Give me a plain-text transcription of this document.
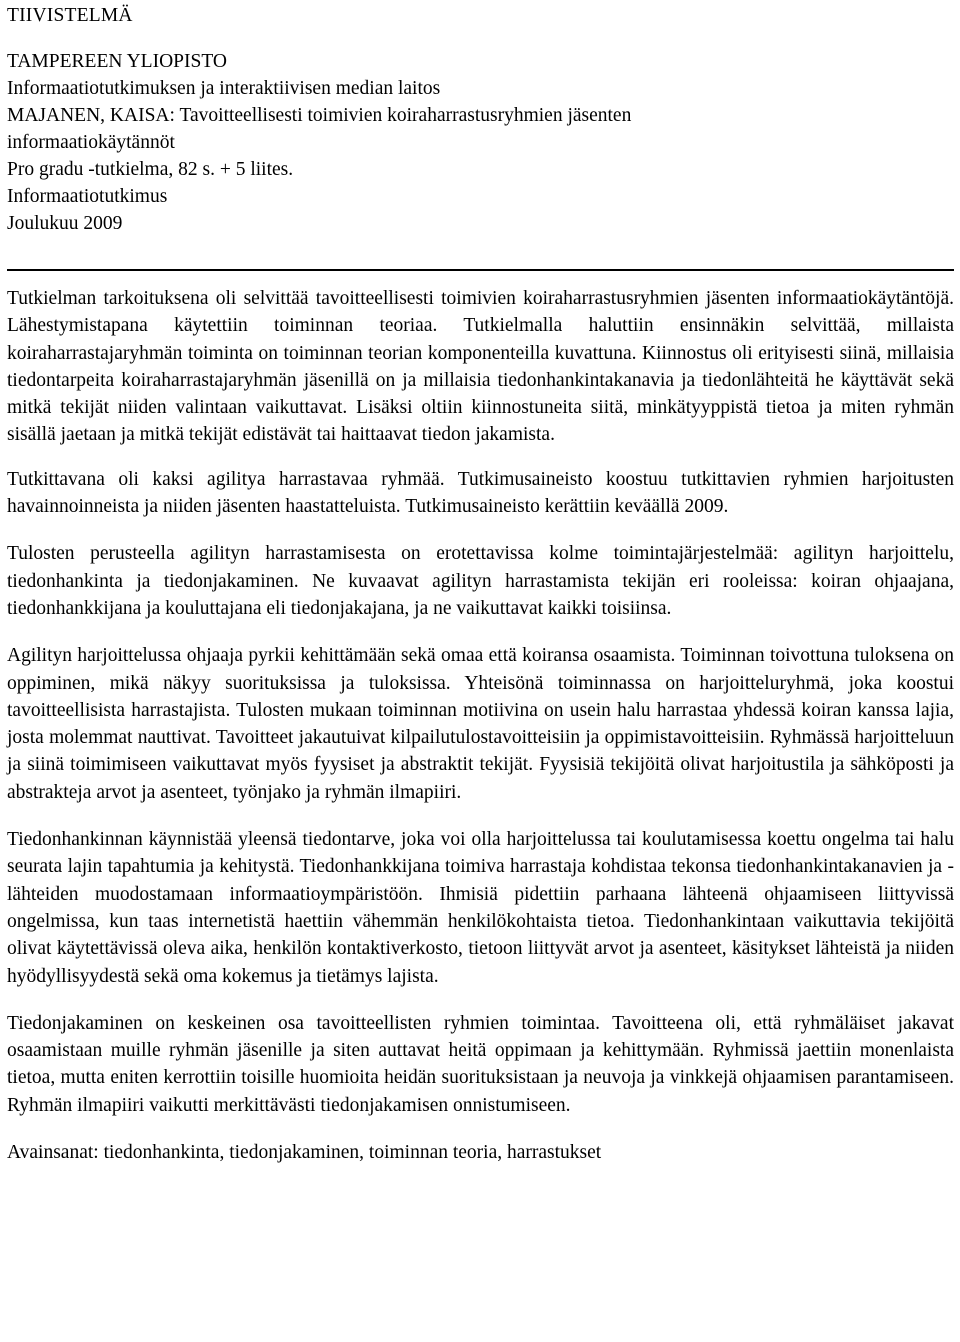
TIIVISTELMÄ
TAMPEREEN YLIOPISTO
Informaatiotutkimuksen ja interaktiivisen median laitos
MAJANEN, KAISA: Tavoitteellisesti toimivien koiraharrastusryhmien jäsenten
informaatiokäytännöt
Pro gradu -tutkielma, 82 s. + 5 liites.
Informaatiotutkimus
Joulukuu 2009

Tutkielman tarkoituksena oli selvittää tavoitteellisesti toimivien koiraharrastusryhmien jäsenten informaatiokäytäntöjä. Lähestymistapana käytettiin toiminnan teoriaa. Tutkielmalla haluttiin ensinnäkin selvittää, millaista koiraharrastajaryhmän toiminta on toiminnan teorian komponenteilla kuvattuna. Kiinnostus oli erityisesti siinä, millaisia tiedontarpeita koiraharrastajaryhmän jäsenillä on ja millaisia tiedonhankintakanavia ja tiedonlähteitä he käyttävät sekä mitkä tekijät niiden valintaan vaikuttavat. Lisäksi oltiin kiinnostuneita siitä, minkätyyppistä tietoa ja miten ryhmän sisällä jaetaan ja mitkä tekijät edistävät tai haittaavat tiedon jakamista.

Tutkittavana oli kaksi agilitya harrastavaa ryhmää. Tutkimusaineisto koostuu tutkittavien ryhmien harjoitusten havainnoinneista ja niiden jäsenten haastatteluista. Tutkimusaineisto kerättiin keväällä 2009.

Tulosten perusteella agilityn harrastamisesta on erotettavissa kolme toimintajärjestelmää: agilityn harjoittelu, tiedonhankinta ja tiedonjakaminen. Ne kuvaavat agilityn harrastamista tekijän eri rooleissa: koiran ohjaajana, tiedonhankkijana ja kouluttajana eli tiedonjakajana, ja ne vaikuttavat kaikki toisiinsa.

Agilityn harjoittelussa ohjaaja pyrkii kehittämään sekä omaa että koiransa osaamista. Toiminnan toivottuna tuloksena on oppiminen, mikä näkyy suorituksissa ja tuloksissa. Yhteisönä toiminnassa on harjoitteluryhmä, joka koostui tavoitteellisista harrastajista. Tulosten mukaan toiminnan motiivina on usein halu harrastaa yhdessä koiran kanssa lajia, josta molemmat nauttivat. Tavoitteet jakautuivat kilpailutulostavoitteisiin ja oppimistavoitteisiin. Ryhmässä harjoitteluun ja siinä toimimiseen vaikuttavat myös fyysiset ja abstraktit tekijät. Fyysisiä tekijöitä olivat harjoitustila ja sähköposti ja abstrakteja arvot ja asenteet, työnjako ja ryhmän ilmapiiri.

Tiedonhankinnan käynnistää yleensä tiedontarve, joka voi olla harjoittelussa tai koulutamisessa koettu ongelma tai halu seurata lajin tapahtumia ja kehitystä. Tiedonhankkijana toimiva harrastaja kohdistaa tekonsa tiedonhankintakanavien ja -lähteiden muodostamaan informaatioympäristöön. Ihmisiä pidettiin parhaana lähteenä ohjaamiseen liittyvissä ongelmissa, kun taas internetistä haettiin vähemmän henkilökohtaista tietoa. Tiedonhankintaan vaikuttavia tekijöitä olivat käytettävissä oleva aika, henkilön kontaktiverkosto, tietoon liittyvät arvot ja asenteet, käsitykset lähteistä ja niiden hyödyllisyydestä sekä oma kokemus ja tietämys lajista.

Tiedonjakaminen on keskeinen osa tavoitteellisten ryhmien toimintaa. Tavoitteena oli, että ryhmäläiset jakavat osaamistaan muille ryhmän jäsenille ja siten auttavat heitä oppimaan ja kehittymään. Ryhmissä jaettiin monenlaista tietoa, mutta eniten kerrottiin toisille huomioita heidän suorituksistaan ja neuvoja ja vinkkejä ohjaamisen parantamiseen. Ryhmän ilmapiiri vaikutti merkittävästi tiedonjakamisen onnistumiseen.

Avainsanat: tiedonhankinta, tiedonjakaminen, toiminnan teoria, harrastukset
